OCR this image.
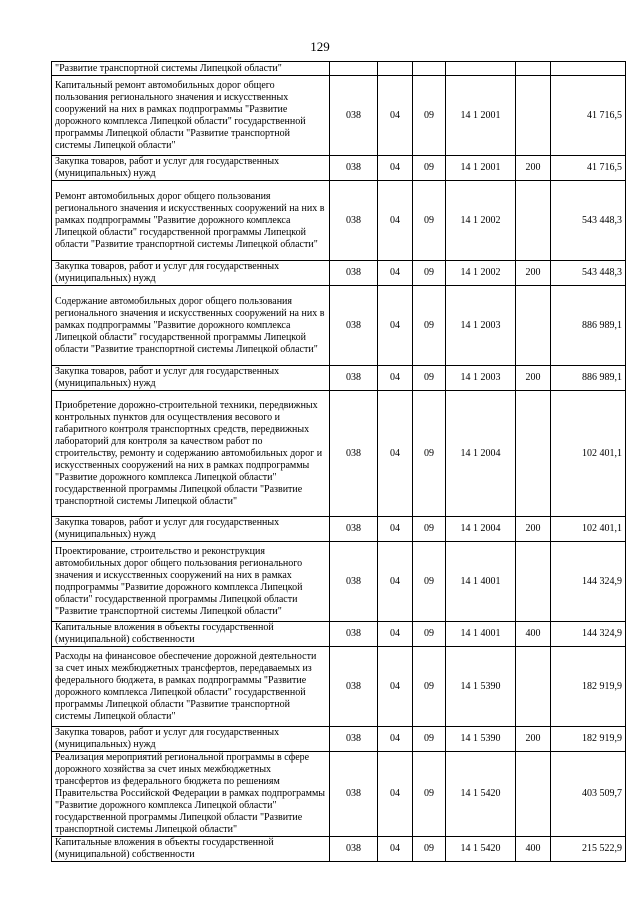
129
"Развитие транспортной системы Липецкой области"						
Капитальный ремонт автомобильных дорог общего пользования регионального значения и искусственных сооружений на них в рамках подпрограммы "Развитие дорожного комплекса Липецкой области" государственной программы Липецкой области "Развитие транспортной системы Липецкой области"	038	04	09	14 1 2001		41 716,5
Закупка товаров, работ и услуг для государственных (муниципальных) нужд	038	04	09	14 1 2001	200	41 716,5
Ремонт автомобильных дорог общего пользования регионального значения и искусственных сооружений на них в рамках подпрограммы "Развитие дорожного комплекса Липецкой области" государственной программы Липецкой области "Развитие транспортной системы Липецкой области"	038	04	09	14 1 2002		543 448,3
Закупка товаров, работ и услуг для государственных (муниципальных) нужд	038	04	09	14 1 2002	200	543 448,3
Содержание автомобильных дорог общего пользования регионального значения и искусственных сооружений на них в рамках подпрограммы "Развитие дорожного комплекса Липецкой области" государственной программы Липецкой области "Развитие транспортной системы Липецкой области"	038	04	09	14 1 2003		886 989,1
Закупка товаров, работ и услуг для государственных (муниципальных) нужд	038	04	09	14 1 2003	200	886 989,1
Приобретение дорожно-строительной техники, передвижных контрольных пунктов для осуществления весового и габаритного контроля транспортных средств, передвижных лабораторий для контроля за качеством работ по строительству, ремонту и содержанию автомобильных дорог и искусственных сооружений на них в рамках подпрограммы "Развитие дорожного комплекса Липецкой области" государственной программы Липецкой области "Развитие транспортной системы Липецкой области"	038	04	09	14 1 2004		102 401,1
Закупка товаров, работ и услуг для государственных (муниципальных) нужд	038	04	09	14 1 2004	200	102 401,1
Проектирование, строительство и реконструкция автомобильных дорог общего пользования регионального значения и искусственных сооружений на них в рамках подпрограммы "Развитие дорожного комплекса Липецкой области" государственной программы Липецкой области "Развитие транспортной системы Липецкой области"	038	04	09	14 1 4001		144 324,9
Капитальные вложения в объекты государственной (муниципальной) собственности	038	04	09	14 1 4001	400	144 324,9
Расходы на финансовое обеспечение дорожной деятельности за счет иных межбюджетных трансфертов, передаваемых из федерального бюджета, в рамках подпрограммы "Развитие дорожного комплекса Липецкой области" государственной программы Липецкой области "Развитие транспортной системы Липецкой области"	038	04	09	14 1 5390		182 919,9
Закупка товаров, работ и услуг для государственных (муниципальных) нужд	038	04	09	14 1 5390	200	182 919,9
Реализация мероприятий региональной программы в сфере дорожного хозяйства за счет иных межбюджетных трансфертов из федерального бюджета по решениям Правительства Российской Федерации в рамках подпрограммы "Развитие дорожного комплекса Липецкой области" государственной программы Липецкой области "Развитие транспортной системы Липецкой области"	038	04	09	14 1 5420		403 509,7
Капитальные вложения в объекты государственной (муниципальной) собственности	038	04	09	14 1 5420	400	215 522,9
